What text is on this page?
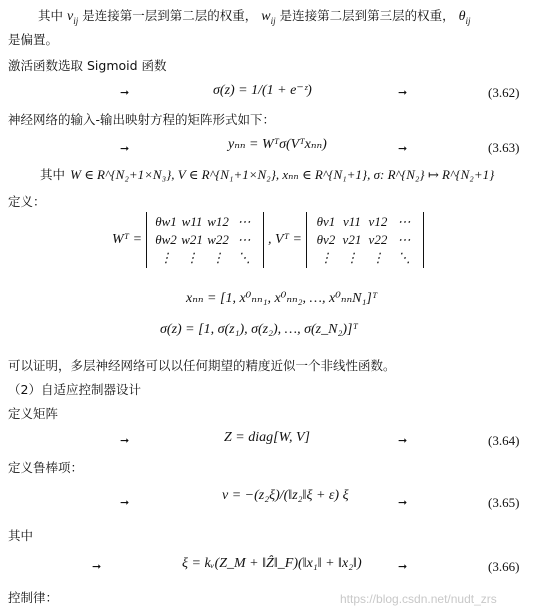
其中 $v_{ij}$ 是连接第一层到第二层的权重， $w_{ij}$ 是连接第二层到第三层的权重， $\theta_{ij}$
是偏置。
激活函数选取 Sigmoid 函数
➞	σ(z) = 1/(1 + e⁻ᶻ)	➞	(3.62)
神经网络的输入-输出映射方程的矩阵形式如下：
➞	yₙₙ = Wᵀσ(Vᵀxₙₙ)	➞	(3.63)
其中 W ∈ R^{N₂+1×N₃}, V ∈ R^{N₁+1×N₂}, xₙₙ ∈ R^{N₁+1}, σ: R^{N₂} ↦ R^{N₂+1}
定义：
Wᵀ =
θw1 w11 w12 ⋯
θw2 w21 w22 ⋯
⋮	⋮	⋮	⋱
, Vᵀ =
θv1 v11 v12 ⋯
θv2 v21 v22 ⋯
⋮	⋮	⋮	⋱
xₙₙ = [1, x⁰ₙₙ₁, x⁰ₙₙ₂, …, x⁰ₙₙN₁]ᵀ
σ(z) = [1, σ(z₁), σ(z₂), …, σ(z_N₂)]ᵀ
可以证明，多层神经网络可以以任何期望的精度近似一个非线性函数。
（2）自适应控制器设计
定义矩阵
➞	Z = diag[W, V]	➞	(3.64)
定义鲁棒项：
➞	v = −(z₂ξ)/(‖z₂‖ξ + ε) ξ	➞	(3.65)
其中
➞	ξ = kᵥ(Z_M + ‖Ẑ‖_F)(‖x₁‖ + ‖x₂‖)	➞	(3.66)
控制律：	https://blog.csdn.net/nudt_zrs
